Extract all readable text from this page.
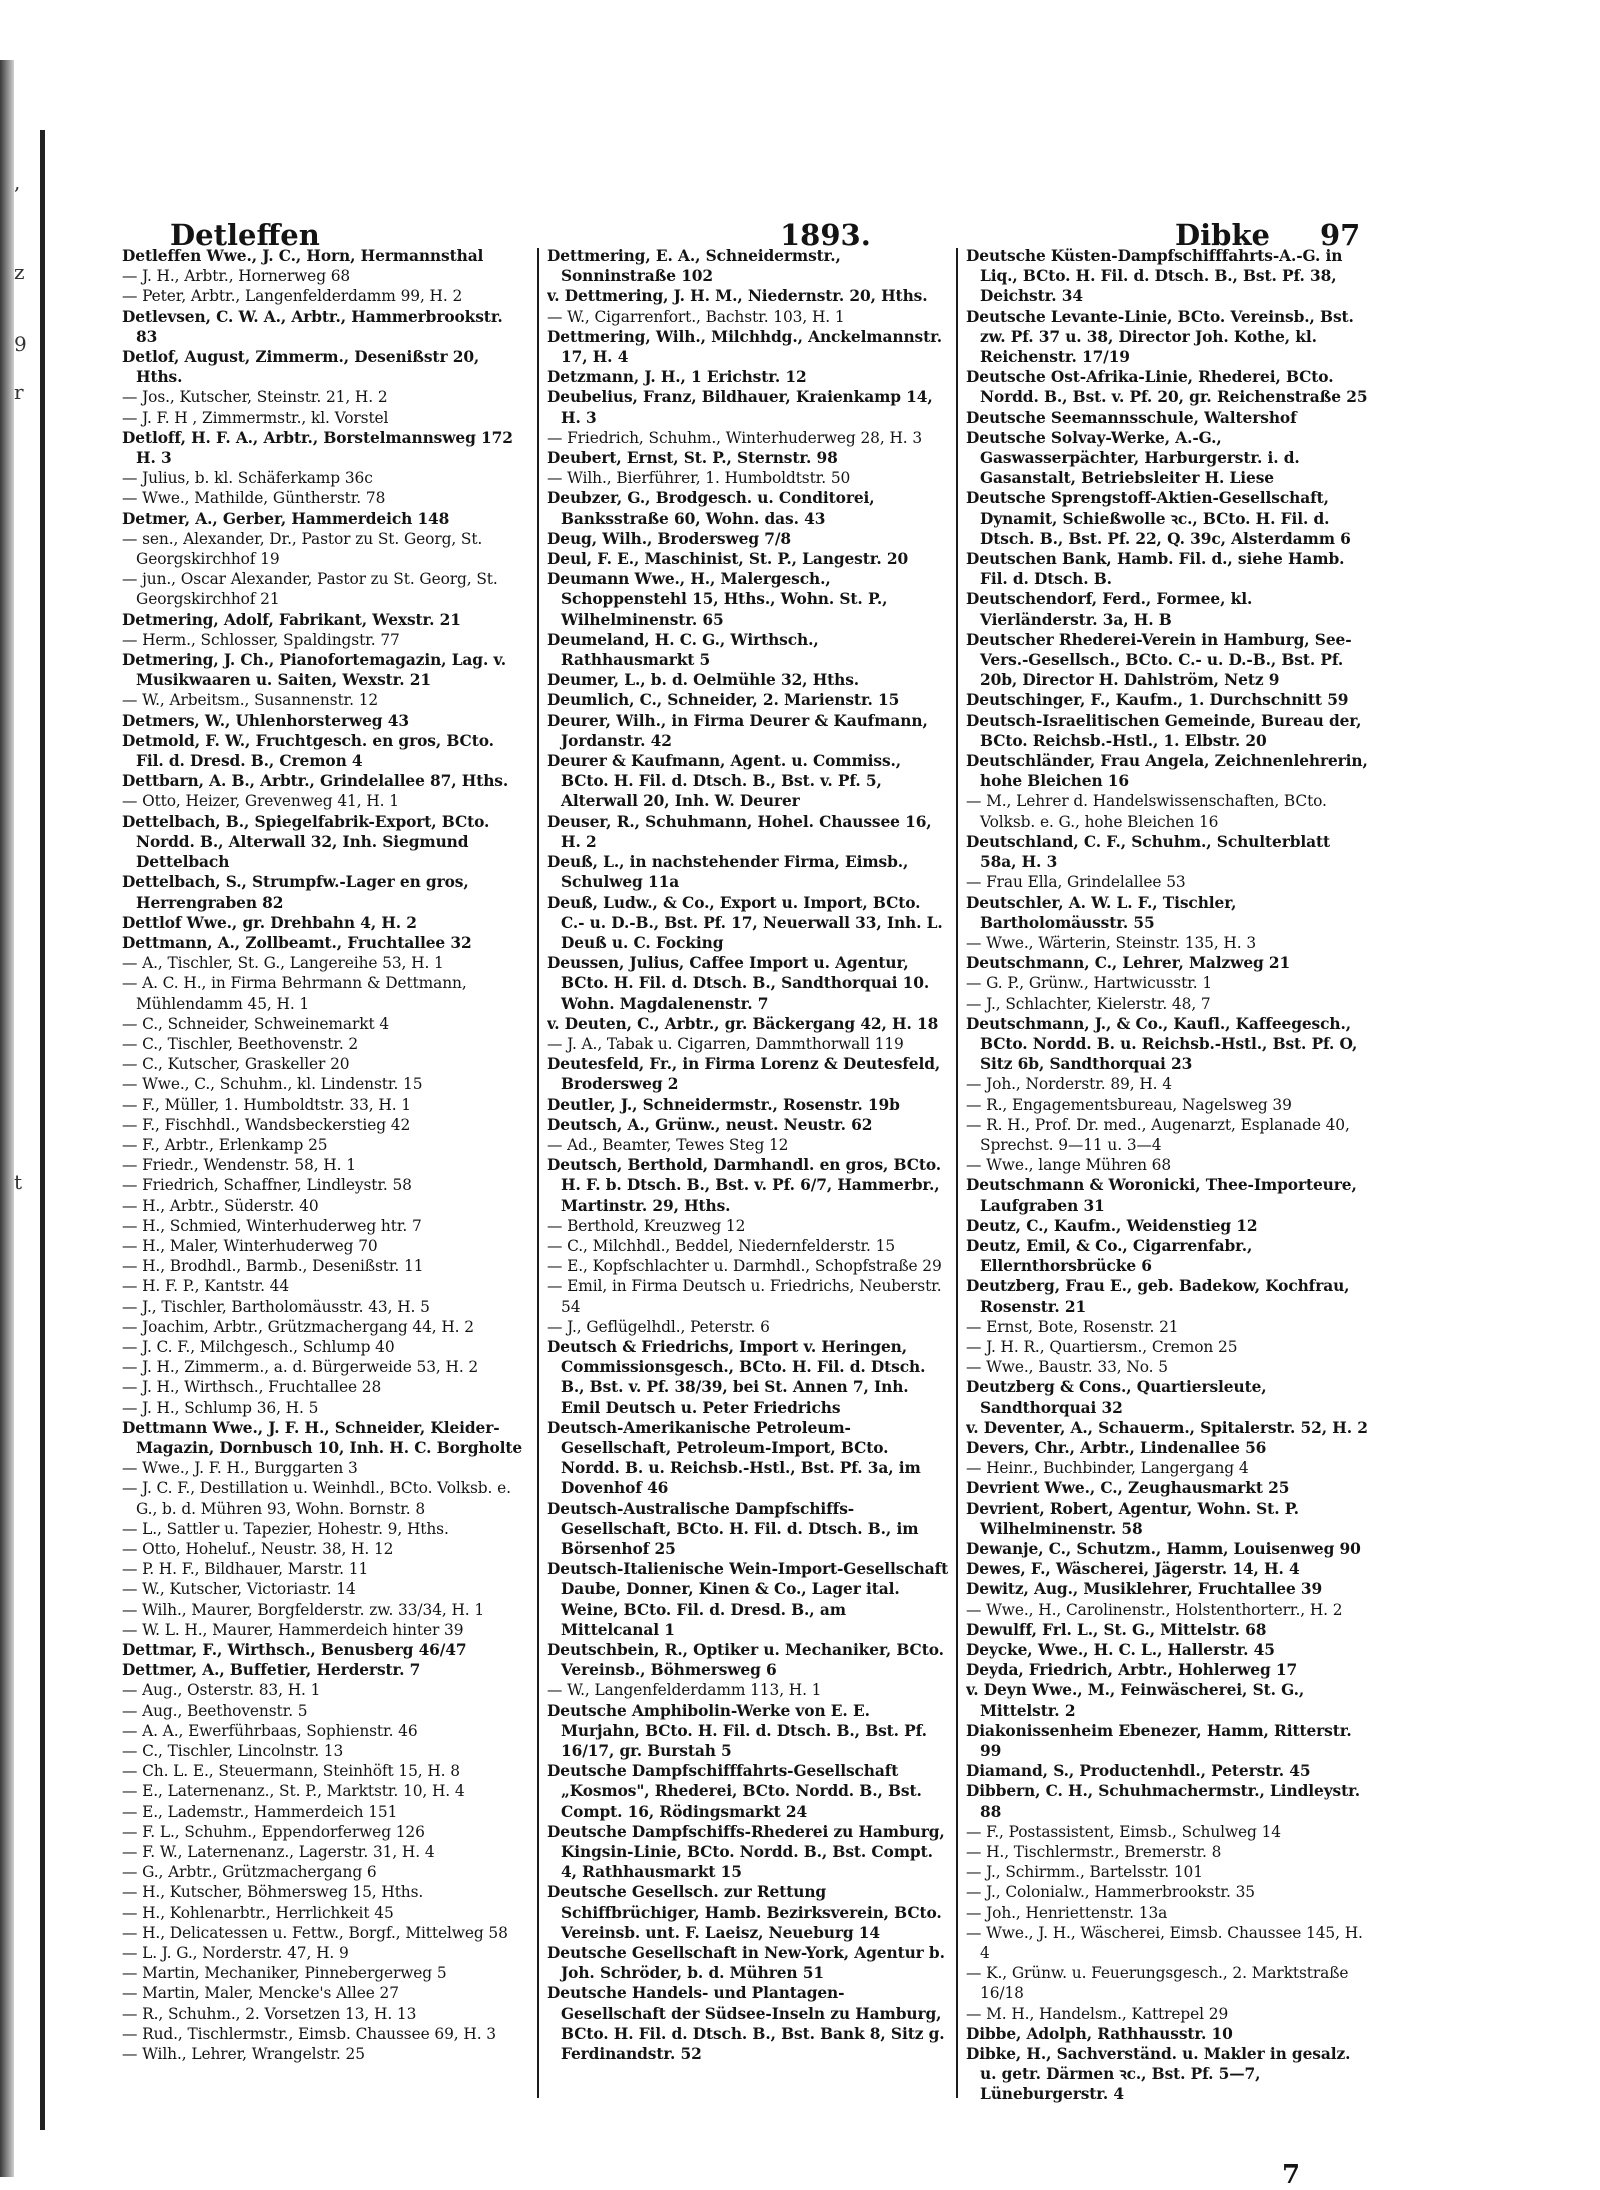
,
z
9
r
t
Detleffen	1893.	Dibke 97

Detleffen Wwe., J. C., Horn, Hermannsthal

— J. H., Arbtr., Hornerweg 68

— Peter, Arbtr., Langenfelderdamm 99, H. 2

Detlevsen, C. W. A., Arbtr., Hammerbrookstr. 83

Detlof, August, Zimmerm., Desenißstr 20, Hths.

— Jos., Kutscher, Steinstr. 21, H. 2

— J. F. H , Zimmermstr., kl. Vorstel

Detloff, H. F. A., Arbtr., Borstelmannsweg 172 H. 3

— Julius, b. kl. Schäferkamp 36c

— Wwe., Mathilde, Güntherstr. 78

Detmer, A., Gerber, Hammerdeich 148

— sen., Alexander, Dr., Pastor zu St. Georg, St. Georgskirchhof 19

— jun., Oscar Alexander, Pastor zu St. Georg, St. Georgskirchhof 21

Detmering, Adolf, Fabrikant, Wexstr. 21

— Herm., Schlosser, Spaldingstr. 77

Detmering, J. Ch., Pianofortemagazin, Lag. v. Musikwaaren u. Saiten, Wexstr. 21

— W., Arbeitsm., Susannenstr. 12

Detmers, W., Uhlenhorsterweg 43

Detmold, F. W., Fruchtgesch. en gros, BCto. Fil. d. Dresd. B., Cremon 4

Dettbarn, A. B., Arbtr., Grindelallee 87, Hths.

— Otto, Heizer, Grevenweg 41, H. 1

Dettelbach, B., Spiegelfabrik-Export, BCto. Nordd. B., Alterwall 32, Inh. Siegmund Dettelbach

Dettelbach, S., Strumpfw.-Lager en gros, Herrengraben 82

Dettlof Wwe., gr. Drehbahn 4, H. 2

Dettmann, A., Zollbeamt., Fruchtallee 32

— A., Tischler, St. G., Langereihe 53, H. 1

— A. C. H., in Firma Behrmann & Dettmann, Mühlendamm 45, H. 1

— C., Schneider, Schweinemarkt 4

— C., Tischler, Beethovenstr. 2

— C., Kutscher, Graskeller 20

— Wwe., C., Schuhm., kl. Lindenstr. 15

— F., Müller, 1. Humboldtstr. 33, H. 1

— F., Fischhdl., Wandsbeckerstieg 42

— F., Arbtr., Erlenkamp 25

— Friedr., Wendenstr. 58, H. 1

— Friedrich, Schaffner, Lindleystr. 58

— H., Arbtr., Süderstr. 40

— H., Schmied, Winterhuderweg htr. 7

— H., Maler, Winterhuderweg 70

— H., Brodhdl., Barmb., Desenißstr. 11

— H. F. P., Kantstr. 44

— J., Tischler, Bartholomäusstr. 43, H. 5

— Joachim, Arbtr., Grützmachergang 44, H. 2

— J. C. F., Milchgesch., Schlump 40

— J. H., Zimmerm., a. d. Bürgerweide 53, H. 2

— J. H., Wirthsch., Fruchtallee 28

— J. H., Schlump 36, H. 5

Dettmann Wwe., J. F. H., Schneider, Kleider-Magazin, Dornbusch 10, Inh. H. C. Borgholte

— Wwe., J. F. H., Burggarten 3

— J. C. F., Destillation u. Weinhdl., BCto. Volksb. e. G., b. d. Mühren 93, Wohn. Bornstr. 8

— L., Sattler u. Tapezier, Hohestr. 9, Hths.

— Otto, Hoheluf., Neustr. 38, H. 12

— P. H. F., Bildhauer, Marstr. 11

— W., Kutscher, Victoriastr. 14

— Wilh., Maurer, Borgfelderstr. zw. 33/34, H. 1

— W. L. H., Maurer, Hammerdeich hinter 39

Dettmar, F., Wirthsch., Benusberg 46/47

Dettmer, A., Buffetier, Herderstr. 7

— Aug., Osterstr. 83, H. 1

— Aug., Beethovenstr. 5

— A. A., Ewerführbaas, Sophienstr. 46

— C., Tischler, Lincolnstr. 13

— Ch. L. E., Steuermann, Steinhöft 15, H. 8

— E., Laternenanz., St. P., Marktstr. 10, H. 4

— E., Lademstr., Hammerdeich 151

— F. L., Schuhm., Eppendorferweg 126

— F. W., Laternenanz., Lagerstr. 31, H. 4

— G., Arbtr., Grützmachergang 6

— H., Kutscher, Böhmersweg 15, Hths.

— H., Kohlenarbtr., Herrlichkeit 45

— H., Delicatessen u. Fettw., Borgf., Mittelweg 58

— L. J. G., Norderstr. 47, H. 9

— Martin, Mechaniker, Pinnebergerweg 5

— Martin, Maler, Mencke's Allee 27

— R., Schuhm., 2. Vorsetzen 13, H. 13

— Rud., Tischlermstr., Eimsb. Chaussee 69, H. 3

— Wilh., Lehrer, Wrangelstr. 25

Dettmering, E. A., Schneidermstr., Sonninstraße 102

v. Dettmering, J. H. M., Niedernstr. 20, Hths.

— W., Cigarrenfort., Bachstr. 103, H. 1

Dettmering, Wilh., Milchhdg., Anckelmannstr. 17, H. 4

Detzmann, J. H., 1 Erichstr. 12

Deubelius, Franz, Bildhauer, Kraienkamp 14, H. 3

— Friedrich, Schuhm., Winterhuderweg 28, H. 3

Deubert, Ernst, St. P., Sternstr. 98

— Wilh., Bierführer, 1. Humboldtstr. 50

Deubzer, G., Brodgesch. u. Conditorei, Banksstraße 60, Wohn. das. 43

Deug, Wilh., Brodersweg 7/8

Deul, F. E., Maschinist, St. P., Langestr. 20

Deumann Wwe., H., Malergesch., Schoppenstehl 15, Hths., Wohn. St. P., Wilhelminenstr. 65

Deumeland, H. C. G., Wirthsch., Rathhausmarkt 5

Deumer, L., b. d. Oelmühle 32, Hths.

Deumlich, C., Schneider, 2. Marienstr. 15

Deurer, Wilh., in Firma Deurer & Kaufmann, Jordanstr. 42

Deurer & Kaufmann, Agent. u. Commiss., BCto. H. Fil. d. Dtsch. B., Bst. v. Pf. 5, Alterwall 20, Inh. W. Deurer

Deuser, R., Schuhmann, Hohel. Chaussee 16, H. 2

Deuß, L., in nachstehender Firma, Eimsb., Schulweg 11a

Deuß, Ludw., & Co., Export u. Import, BCto. C.- u. D.-B., Bst. Pf. 17, Neuerwall 33, Inh. L. Deuß u. C. Focking

Deussen, Julius, Caffee Import u. Agentur, BCto. H. Fil. d. Dtsch. B., Sandthorquai 10. Wohn. Magdalenenstr. 7

v. Deuten, C., Arbtr., gr. Bäckergang 42, H. 18

— J. A., Tabak u. Cigarren, Dammthorwall 119

Deutesfeld, Fr., in Firma Lorenz & Deutesfeld, Brodersweg 2

Deutler, J., Schneidermstr., Rosenstr. 19b

Deutsch, A., Grünw., neust. Neustr. 62

— Ad., Beamter, Tewes Steg 12

Deutsch, Berthold, Darmhandl. en gros, BCto. H. F. b. Dtsch. B., Bst. v. Pf. 6/7, Hammerbr., Martinstr. 29, Hths.

— Berthold, Kreuzweg 12

— C., Milchhdl., Beddel, Niedernfelderstr. 15

— E., Kopfschlachter u. Darmhdl., Schopfstraße 29

— Emil, in Firma Deutsch u. Friedrichs, Neuberstr. 54

— J., Geflügelhdl., Peterstr. 6

Deutsch & Friedrichs, Import v. Heringen, Commissionsgesch., BCto. H. Fil. d. Dtsch. B., Bst. v. Pf. 38/39, bei St. Annen 7, Inh. Emil Deutsch u. Peter Friedrichs

Deutsch-Amerikanische Petroleum-Gesellschaft, Petroleum-Import, BCto. Nordd. B. u. Reichsb.-Hstl., Bst. Pf. 3a, im Dovenhof 46

Deutsch-Australische Dampfschiffs-Gesellschaft, BCto. H. Fil. d. Dtsch. B., im Börsenhof 25

Deutsch-Italienische Wein-Import-Gesellschaft Daube, Donner, Kinen & Co., Lager ital. Weine, BCto. Fil. d. Dresd. B., am Mittelcanal 1

Deutschbein, R., Optiker u. Mechaniker, BCto. Vereinsb., Böhmersweg 6

— W., Langenfelderdamm 113, H. 1

Deutsche Amphibolin-Werke von E. E. Murjahn, BCto. H. Fil. d. Dtsch. B., Bst. Pf. 16/17, gr. Burstah 5

Deutsche Dampfschifffahrts-Gesellschaft „Kosmos", Rhederei, BCto. Nordd. B., Bst. Compt. 16, Rödingsmarkt 24

Deutsche Dampfschiffs-Rhederei zu Hamburg, Kingsin-Linie, BCto. Nordd. B., Bst. Compt. 4, Rathhausmarkt 15

Deutsche Gesellsch. zur Rettung Schiffbrüchiger, Hamb. Bezirksverein, BCto. Vereinsb. unt. F. Laeisz, Neueburg 14

Deutsche Gesellschaft in New-York, Agentur b. Joh. Schröder, b. d. Mühren 51

Deutsche Handels- und Plantagen-Gesellschaft der Südsee-Inseln zu Hamburg, BCto. H. Fil. d. Dtsch. B., Bst. Bank 8, Sitz g. Ferdinandstr. 52

Deutsche Küsten-Dampfschifffahrts-A.-G. in Liq., BCto. H. Fil. d. Dtsch. B., Bst. Pf. 38, Deichstr. 34

Deutsche Levante-Linie, BCto. Vereinsb., Bst. zw. Pf. 37 u. 38, Director Joh. Kothe, kl. Reichenstr. 17/19

Deutsche Ost-Afrika-Linie, Rhederei, BCto. Nordd. B., Bst. v. Pf. 20, gr. Reichenstraße 25

Deutsche Seemannsschule, Waltershof

Deutsche Solvay-Werke, A.-G., Gaswasserpächter, Harburgerstr. i. d. Gasanstalt, Betriebsleiter H. Liese

Deutsche Sprengstoff-Aktien-Gesellschaft, Dynamit, Schießwolle ꝛc., BCto. H. Fil. d. Dtsch. B., Bst. Pf. 22, Q. 39c, Alsterdamm 6

Deutschen Bank, Hamb. Fil. d., siehe Hamb. Fil. d. Dtsch. B.

Deutschendorf, Ferd., Formee, kl. Vierländerstr. 3a, H. B

Deutscher Rhederei-Verein in Hamburg, See-Vers.-Gesellsch., BCto. C.- u. D.-B., Bst. Pf. 20b, Director H. Dahlström, Netz 9

Deutschinger, F., Kaufm., 1. Durchschnitt 59

Deutsch-Israelitischen Gemeinde, Bureau der, BCto. Reichsb.-Hstl., 1. Elbstr. 20

Deutschländer, Frau Angela, Zeichnenlehrerin, hohe Bleichen 16

— M., Lehrer d. Handelswissenschaften, BCto. Volksb. e. G., hohe Bleichen 16

Deutschland, C. F., Schuhm., Schulterblatt 58a, H. 3

— Frau Ella, Grindelallee 53

Deutschler, A. W. L. F., Tischler, Bartholomäusstr. 55

— Wwe., Wärterin, Steinstr. 135, H. 3

Deutschmann, C., Lehrer, Malzweg 21

— G. P., Grünw., Hartwicusstr. 1

— J., Schlachter, Kielerstr. 48, 7

Deutschmann, J., & Co., Kaufl., Kaffeegesch., BCto. Nordd. B. u. Reichsb.-Hstl., Bst. Pf. O, Sitz 6b, Sandthorquai 23

— Joh., Norderstr. 89, H. 4

— R., Engagementsbureau, Nagelsweg 39

— R. H., Prof. Dr. med., Augenarzt, Esplanade 40, Sprechst. 9—11 u. 3—4

— Wwe., lange Mühren 68

Deutschmann & Woronicki, Thee-Importeure, Laufgraben 31

Deutz, C., Kaufm., Weidenstieg 12

Deutz, Emil, & Co., Cigarrenfabr., Ellernthorsbrücke 6

Deutzberg, Frau E., geb. Badekow, Kochfrau, Rosenstr. 21

— Ernst, Bote, Rosenstr. 21

— J. H. R., Quartiersm., Cremon 25

— Wwe., Baustr. 33, No. 5

Deutzberg & Cons., Quartiersleute, Sandthorquai 32

v. Deventer, A., Schauerm., Spitalerstr. 52, H. 2

Devers, Chr., Arbtr., Lindenallee 56

— Heinr., Buchbinder, Langergang 4

Devrient Wwe., C., Zeughausmarkt 25

Devrient, Robert, Agentur, Wohn. St. P. Wilhelminenstr. 58

Dewanje, C., Schutzm., Hamm, Louisenweg 90

Dewes, F., Wäscherei, Jägerstr. 14, H. 4

Dewitz, Aug., Musiklehrer, Fruchtallee 39

— Wwe., H., Carolinenstr., Holstenthorterr., H. 2

Dewulff, Frl. L., St. G., Mittelstr. 68

Deycke, Wwe., H. C. L., Hallerstr. 45

Deyda, Friedrich, Arbtr., Hohlerweg 17

v. Deyn Wwe., M., Feinwäscherei, St. G., Mittelstr. 2

Diakonissenheim Ebenezer, Hamm, Ritterstr. 99

Diamand, S., Productenhdl., Peterstr. 45

Dibbern, C. H., Schuhmachermstr., Lindleystr. 88

— F., Postassistent, Eimsb., Schulweg 14

— H., Tischlermstr., Bremerstr. 8

— J., Schirmm., Bartelsstr. 101

— J., Colonialw., Hammerbrookstr. 35

— Joh., Henriettenstr. 13a

— Wwe., J. H., Wäscherei, Eimsb. Chaussee 145, H. 4

— K., Grünw. u. Feuerungsgesch., 2. Marktstraße 16/18

— M. H., Handelsm., Kattrepel 29

Dibbe, Adolph, Rathhausstr. 10

Dibke, H., Sachverständ. u. Makler in gesalz. u. getr. Därmen ꝛc., Bst. Pf. 5—7, Lüneburgerstr. 4

7
